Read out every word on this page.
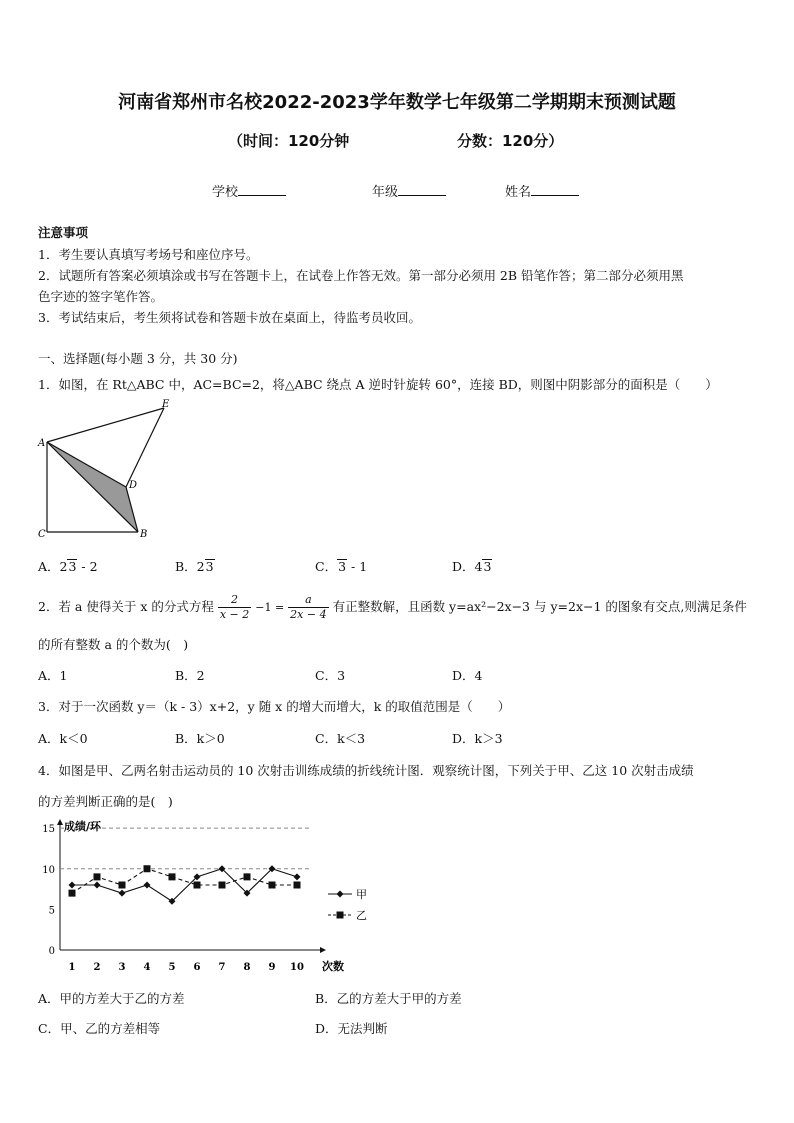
河南省郑州市名校2022-2023学年数学七年级第二学期期末预测试题
（时间：120分钟	分数：120分）
学校	年级	姓名
注意事项
1．考生要认真填写考场号和座位序号。
2．试题所有答案必须填涂或书写在答题卡上，在试卷上作答无效。第一部分必须用 2B 铅笔作答；第二部分必须用黑
色字迹的签字笔作答。
3．考试结束后，考生须将试卷和答题卡放在桌面上，待监考员收回。
一、选择题(每小题 3 分，共 30 分)
1．如图，在 Rt△ABC 中，AC=BC=2，将△ABC 绕点 A 逆时针旋转 60°，连接 BD，则图中阴影部分的面积是（　　）
A
B
C
D
E
A．23 - 2	B．23	C．3 - 1	D．43
2．若 a 使得关于 x 的分式方程 $\frac{2}{x - 2} -1 = \frac{a}{2x - 4}$ 有正整数解，且函数 y=ax²−2x−3 与 y=2x−1 的图象有交点,则满足条件
的所有整数 a 的个数为(　)
A．1	B．2	C．3	D．4
3．对于一次函数 y＝（k - 3）x+2，y 随 x 的增大而增大，k 的取值范围是（　　）
A．k＜0	B．k＞0	C．k＜3	D．k＞3
4．如图是甲、乙两名射击运动员的 10 次射击训练成绩的折线统计图．观察统计图，下列关于甲、乙这 10 次射击成绩
的方差判断正确的是(　)
0
5
10
15 成绩/环
1 2 3 4 5 6 7 8 9 10 次数
甲
乙
A．甲的方差大于乙的方差	B．乙的方差大于甲的方差
C．甲、乙的方差相等	D．无法判断
